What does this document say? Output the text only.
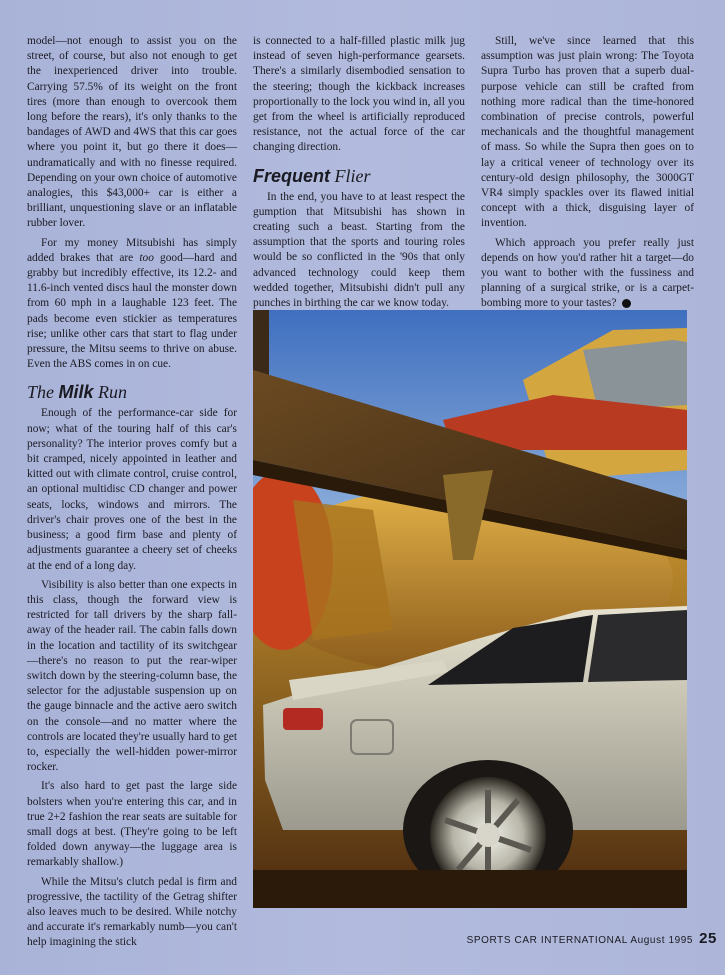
model—not enough to assist you on the street, of course, but also not enough to get the inexperienced driver into trouble. Carrying 57.5% of its weight on the front tires (more than enough to overcook them long before the rears), it's only thanks to the bandages of AWD and 4WS that this car goes where you point it, but go there it does—undramatically and with no finesse required. Depending on your own choice of automotive analogies, this $43,000+ car is either a brilliant, unquestioning slave or an inflatable rubber lover.

For my money Mitsubishi has simply added brakes that are too good—hard and grabby but incredibly effective, its 12.2- and 11.6-inch vented discs haul the monster down from 60 mph in a laughable 123 feet. The pads become even stickier as temperatures rise; unlike other cars that start to flag under pressure, the Mitsu seems to thrive on abuse. Even the ABS comes in on cue.

The Milk Run

Enough of the performance-car side for now; what of the touring half of this car's personality? The interior proves comfy but a bit cramped, nicely appointed in leather and kitted out with climate control, cruise control, an optional multidisc CD changer and power seats, locks, windows and mirrors. The driver's chair proves one of the best in the business; a good firm base and plenty of adjustments guarantee a cheery set of cheeks at the end of a long day.

Visibility is also better than one expects in this class, though the forward view is restricted for tall drivers by the sharp fall-away of the header rail. The cabin falls down in the location and tactility of its switchgear—there's no reason to put the rear-wiper switch down by the steering-column base, the selector for the adjustable suspension up on the gauge binnacle and the active aero switch on the console—and no matter where the controls are located they're usually hard to get to, especially the well-hidden power-mirror rocker.

It's also hard to get past the large side bolsters when you're entering this car, and in true 2+2 fashion the rear seats are suitable for small dogs at best. (They're going to be left folded down anyway—the luggage area is remarkably shallow.)

While the Mitsu's clutch pedal is firm and progressive, the tactility of the Getrag shifter also leaves much to be desired. While notchy and accurate it's remarkably numb—you can't help imagining the stick

is connected to a half-filled plastic milk jug instead of seven high-performance gearsets. There's a similarly disembodied sensation to the steering; though the kickback increases proportionally to the lock you wind in, all you get from the wheel is artificially reproduced resistance, not the actual force of the car changing direction.

Frequent Flier

In the end, you have to at least respect the gumption that Mitsubishi has shown in creating such a beast. Starting from the assumption that the sports and touring roles would be so conflicted in the '90s that only advanced technology could keep them wedded together, Mitsubishi didn't pull any punches in birthing the car we know today.

Still, we've since learned that this assumption was just plain wrong: The Toyota Supra Turbo has proven that a superb dual-purpose vehicle can still be crafted from nothing more radical than the time-honored combination of precise controls, powerful mechanicals and the thoughtful management of mass. So while the Supra then goes on to lay a critical veneer of technology over its century-old design philosophy, the 3000GT VR4 simply spackles over its flawed initial concept with a thick, disguising layer of invention.

Which approach you prefer really just depends on how you'd rather hit a target—do you want to bother with the fussiness and planning of a surgical strike, or is a carpet-bombing more to your tastes?

SPORTS CAR INTERNATIONAL August 1995 25
